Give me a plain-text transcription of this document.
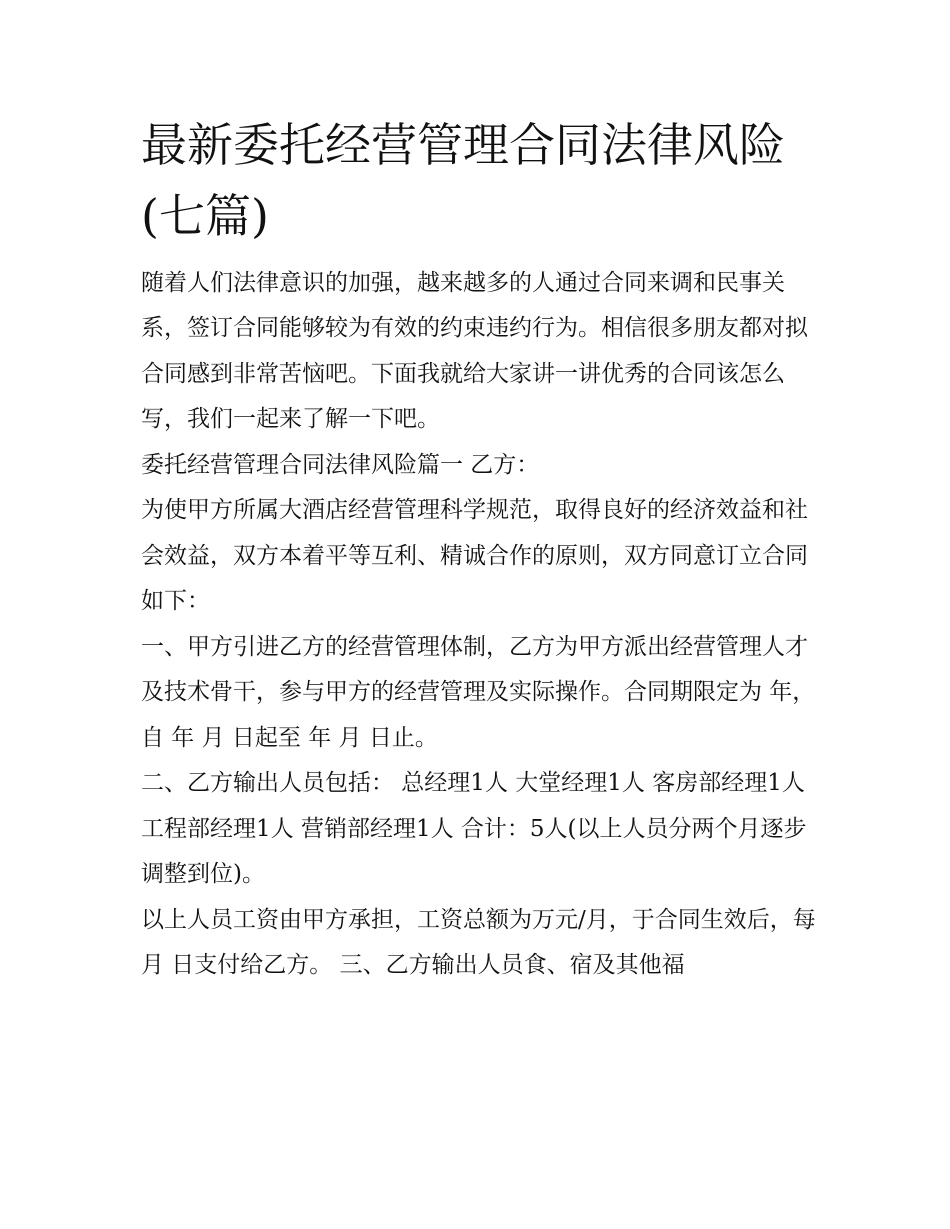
最新委托经营管理合同法律风险(七篇)

随着人们法律意识的加强，越来越多的人通过合同来调和民事关系，签订合同能够较为有效的约束违约行为。相信很多朋友都对拟合同感到非常苦恼吧。下面我就给大家讲一讲优秀的合同该怎么写，我们一起来了解一下吧。

委托经营管理合同法律风险篇一 乙方：

为使甲方所属大酒店经营管理科学规范，取得良好的经济效益和社会效益，双方本着平等互利、精诚合作的原则，双方同意订立合同如下：

一、甲方引进乙方的经营管理体制，乙方为甲方派出经营管理人才及技术骨干，参与甲方的经营管理及实际操作。合同期限定为 年，自 年 月 日起至 年 月 日止。

二、乙方输出人员包括： 总经理1人 大堂经理1人 客房部经理1人 工程部经理1人 营销部经理1人 合计：5人(以上人员分两个月逐步调整到位)。

以上人员工资由甲方承担，工资总额为万元/月，于合同生效后，每月 日支付给乙方。 三、乙方输出人员食、宿及其他福
